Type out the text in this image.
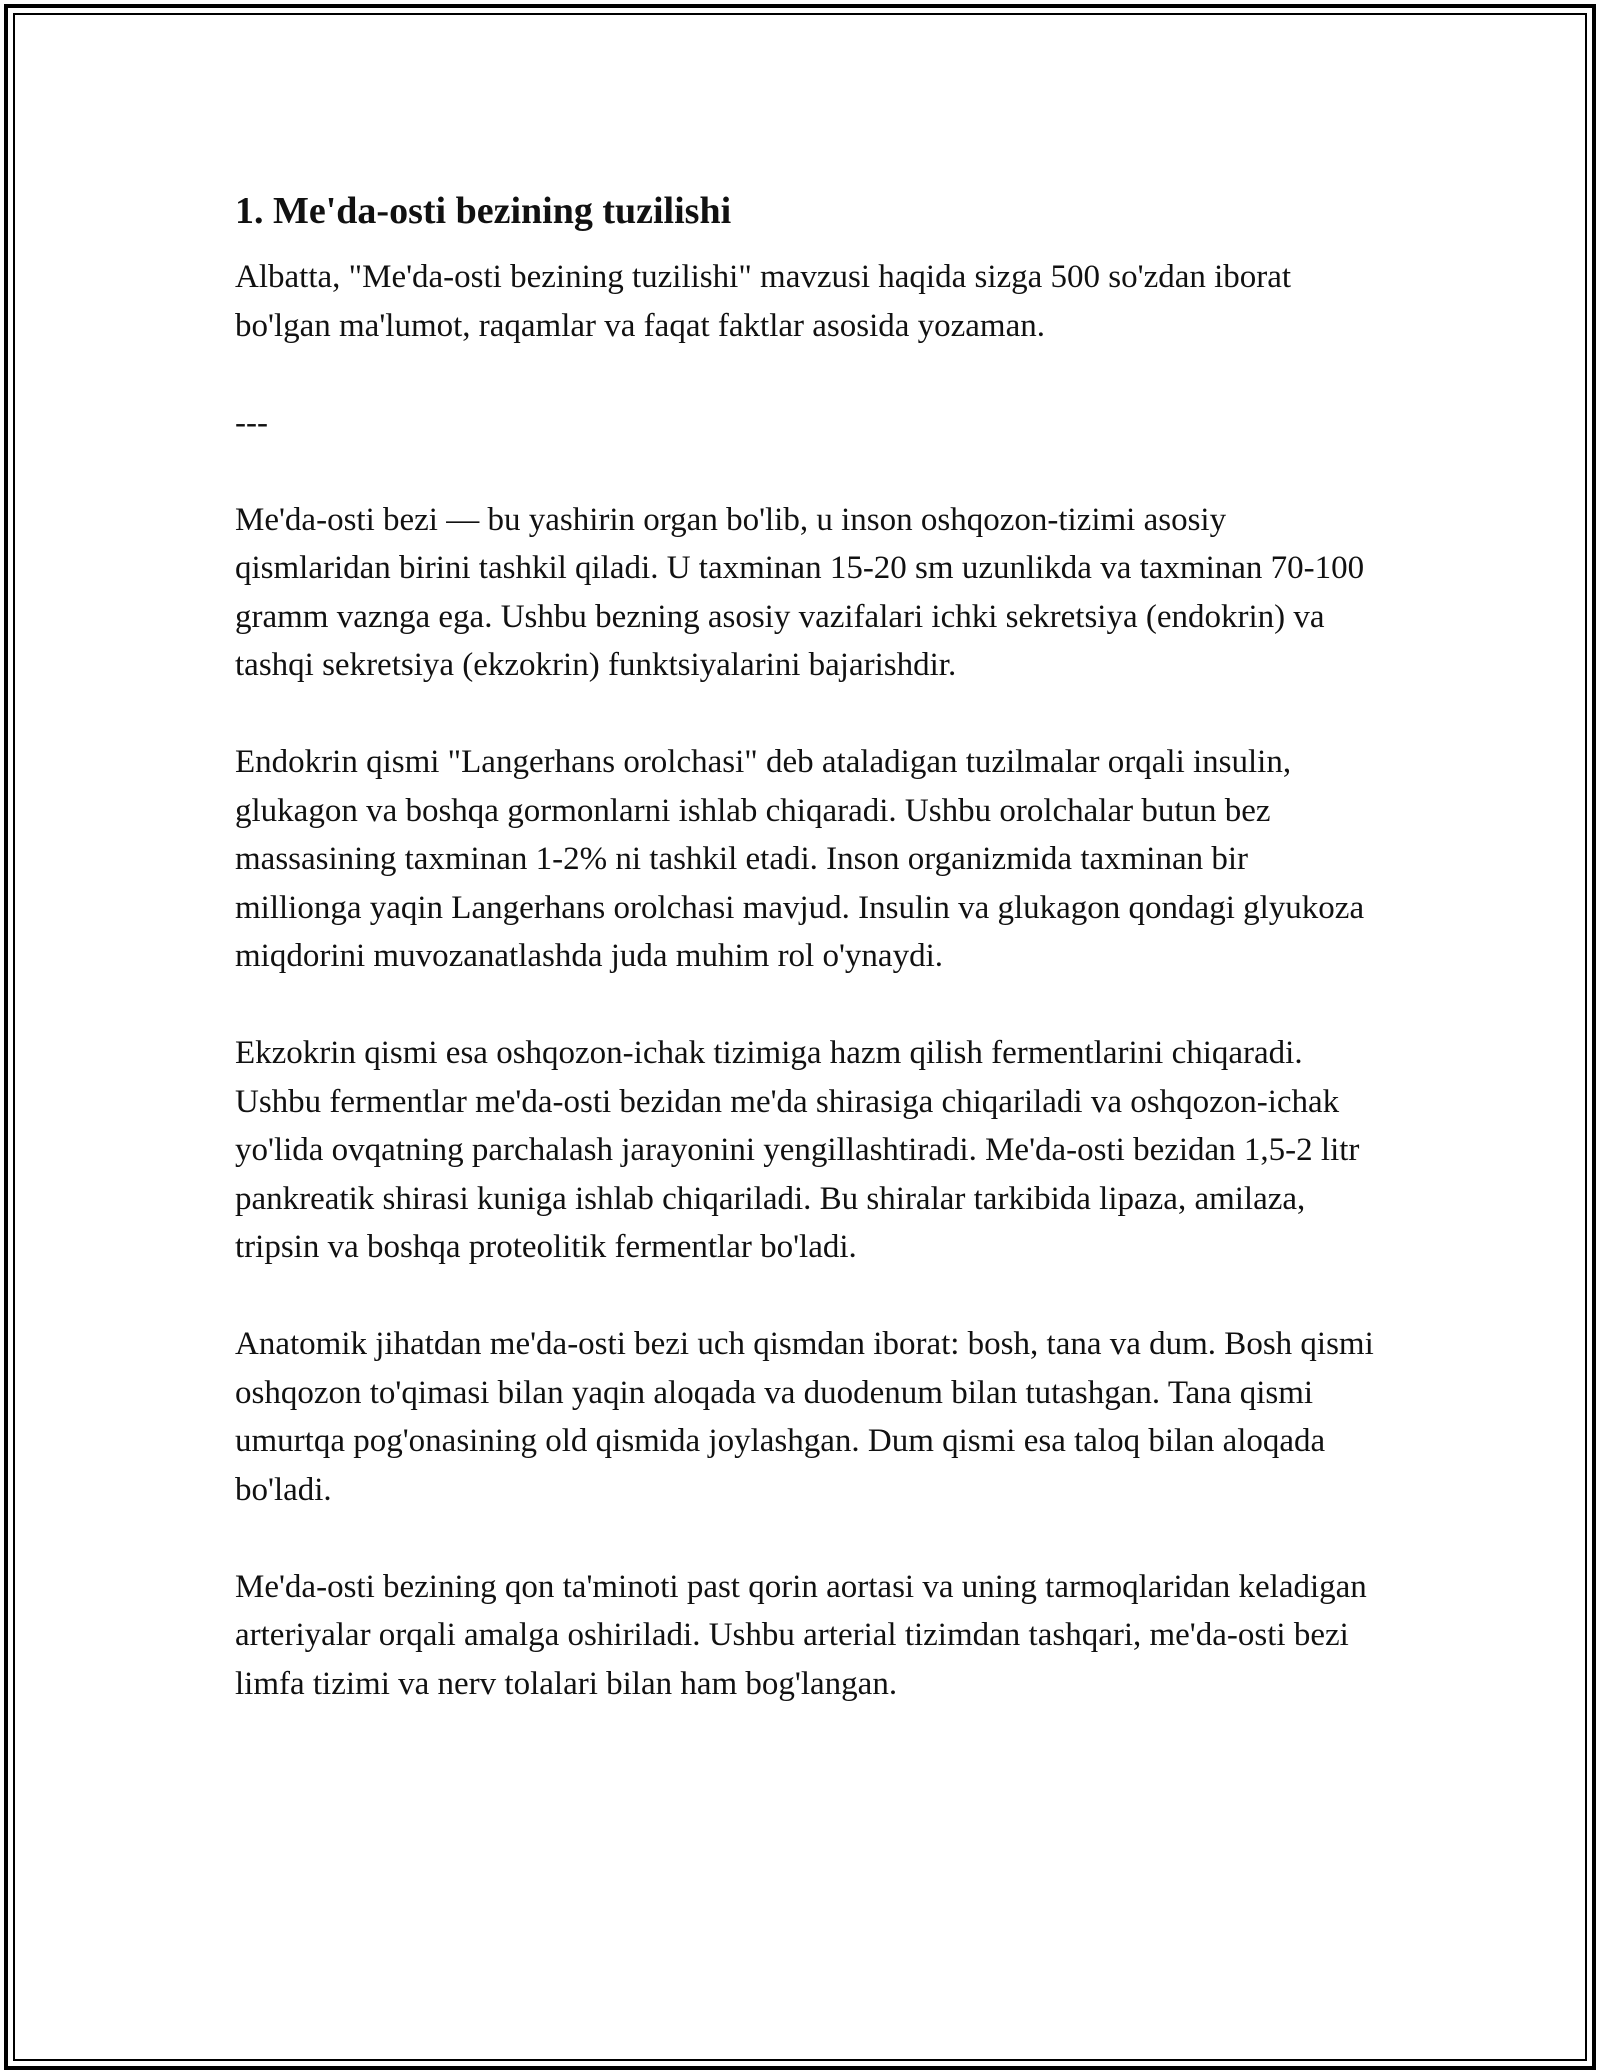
1. Me'da-osti bezining tuzilishi

Albatta, "Me'da-osti bezining tuzilishi" mavzusi haqida sizga 500 so'zdan iborat bo'lgan ma'lumot, raqamlar va faqat faktlar asosida yozaman.

---

Me'da-osti bezi — bu yashirin organ bo'lib, u inson oshqozon-tizimi asosiy qismlaridan birini tashkil qiladi. U taxminan 15-20 sm uzunlikda va taxminan 70-100 gramm vaznga ega. Ushbu bezning asosiy vazifalari ichki sekretsiya (endokrin) va tashqi sekretsiya (ekzokrin) funktsiyalarini bajarishdir.

Endokrin qismi "Langerhans orolchasi" deb ataladigan tuzilmalar orqali insulin, glukagon va boshqa gormonlarni ishlab chiqaradi. Ushbu orolchalar butun bez massasining taxminan 1-2% ni tashkil etadi. Inson organizmida taxminan bir millionga yaqin Langerhans orolchasi mavjud. Insulin va glukagon qondagi glyukoza miqdorini muvozanatlashda juda muhim rol o'ynaydi.

Ekzokrin qismi esa oshqozon-ichak tizimiga hazm qilish fermentlarini chiqaradi. Ushbu fermentlar me'da-osti bezidan me'da shirasiga chiqariladi va oshqozon-ichak yo'lida ovqatning parchalash jarayonini yengillashtiradi. Me'da-osti bezidan 1,5-2 litr pankreatik shirasi kuniga ishlab chiqariladi. Bu shiralar tarkibida lipaza, amilaza, tripsin va boshqa proteolitik fermentlar bo'ladi.

Anatomik jihatdan me'da-osti bezi uch qismdan iborat: bosh, tana va dum. Bosh qismi oshqozon to'qimasi bilan yaqin aloqada va duodenum bilan tutashgan. Tana qismi umurtqa pog'onasining old qismida joylashgan. Dum qismi esa taloq bilan aloqada bo'ladi.

Me'da-osti bezining qon ta'minoti past qorin aortasi va uning tarmoqlaridan keladigan arteriyalar orqali amalga oshiriladi. Ushbu arterial tizimdan tashqari, me'da-osti bezi limfa tizimi va nerv tolalari bilan ham bog'langan.
